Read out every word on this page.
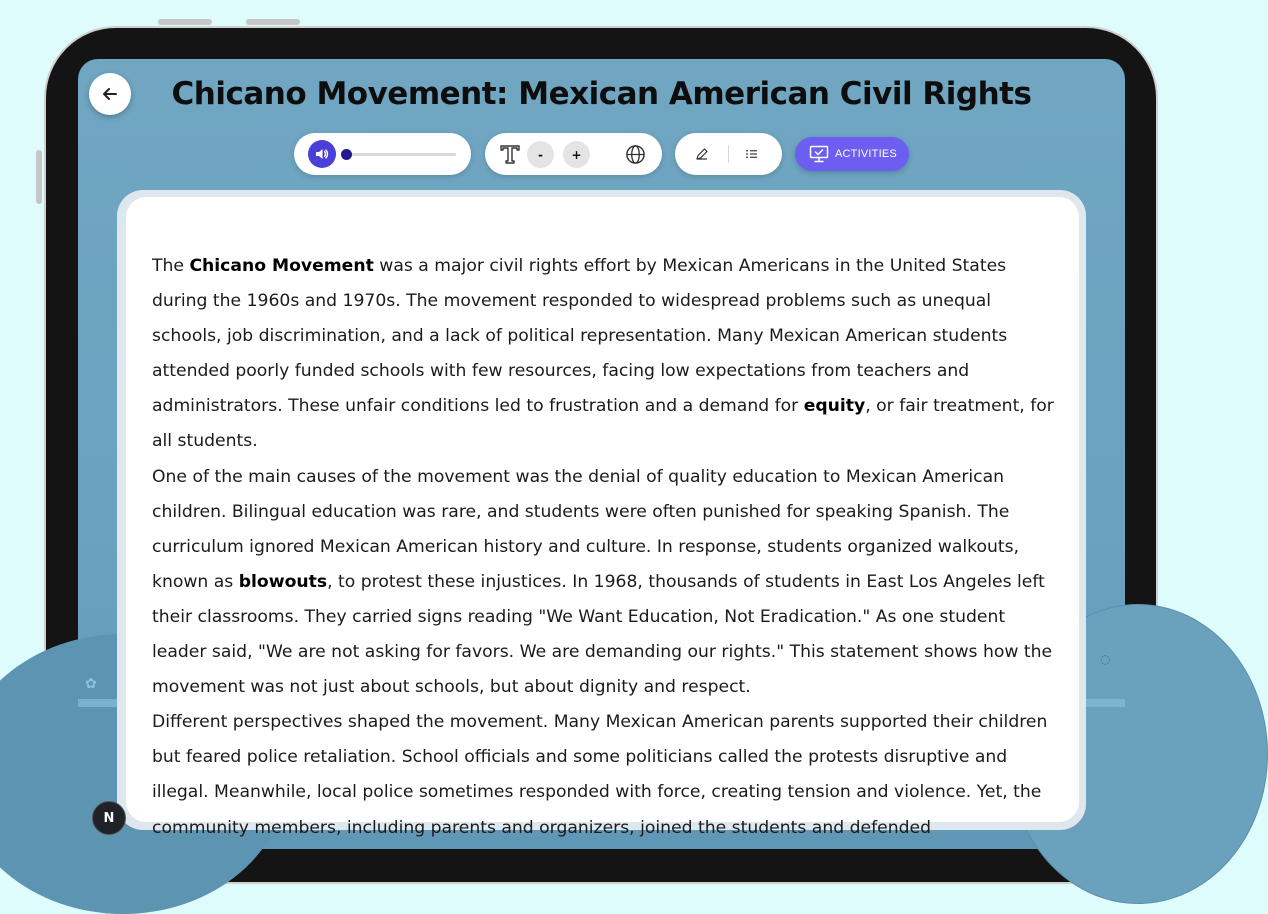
✿
◌
Chicano Movement: Mexican American Civil Rights
-	+	ACTIVITIES

The Chicano Movement was a major civil rights effort by Mexican Americans in the United States during the 1960s and 1970s. The movement responded to widespread problems such as unequal schools, job discrimination, and a lack of political representation. Many Mexican American students attended poorly funded schools with few resources, facing low expectations from teachers and administrators. These unfair conditions led to frustration and a demand for equity, or fair treatment, for all students.

One of the main causes of the movement was the denial of quality education to Mexican American children. Bilingual education was rare, and students were often punished for speaking Spanish. The curriculum ignored Mexican American history and culture. In response, students organized walkouts, known as blowouts, to protest these injustices. In 1968, thousands of students in East Los Angeles left their classrooms. They carried signs reading "We Want Education, Not Eradication." As one student leader said, "We are not asking for favors. We are demanding our rights." This statement shows how the movement was not just about schools, but about dignity and respect.

Different perspectives shaped the movement. Many Mexican American parents supported their children but feared police retaliation. School officials and some politicians called the protests disruptive and illegal. Meanwhile, local police sometimes responded with force, creating tension and violence. Yet, the community members, including parents and organizers, joined the students and defended

N
